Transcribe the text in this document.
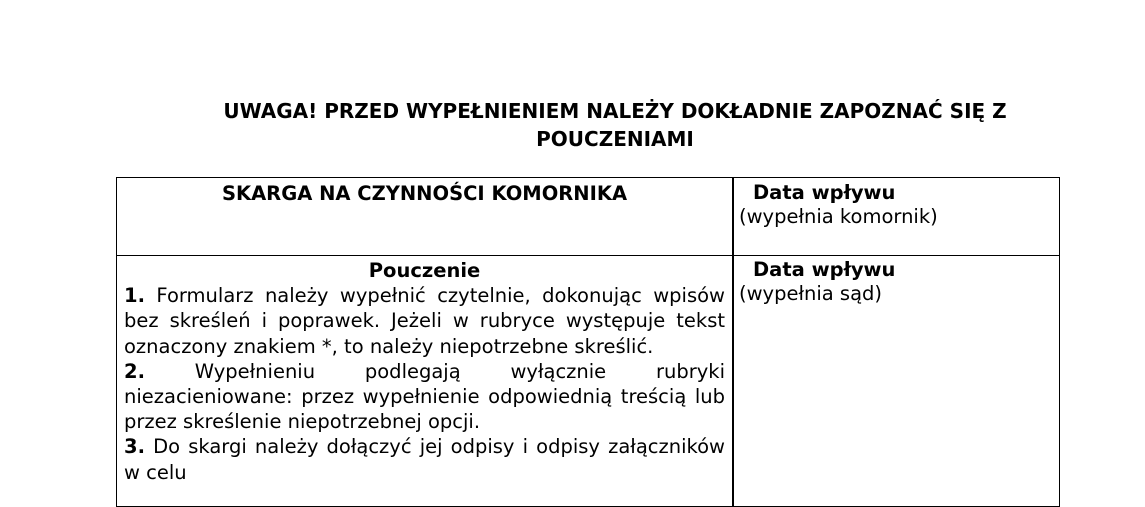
UWAGA! PRZED WYPEŁNIENIEM NALEŻY DOKŁADNIE ZAPOZNAĆ SIĘ Z
POUCZENIAMI
SKARGA NA CZYNNOŚCI KOMORNIKA	Data wpływu
(wypełnia komornik)
Pouczenie
1. Formularz należy wypełnić czytelnie, dokonując wpisów bez skreśleń i poprawek. Jeżeli w rubryce występuje tekst oznaczony znakiem *, to należy niepotrzebne skreślić.
2.	Wypełnieniu podlegają wyłącznie rubryki niezacieniowane: przez wypełnienie odpowiednią treścią lub przez skreślenie niepotrzebnej opcji.
3. Do skargi należy dołączyć jej odpisy i odpisy załączników w celu
Data wpływu
(wypełnia sąd)
